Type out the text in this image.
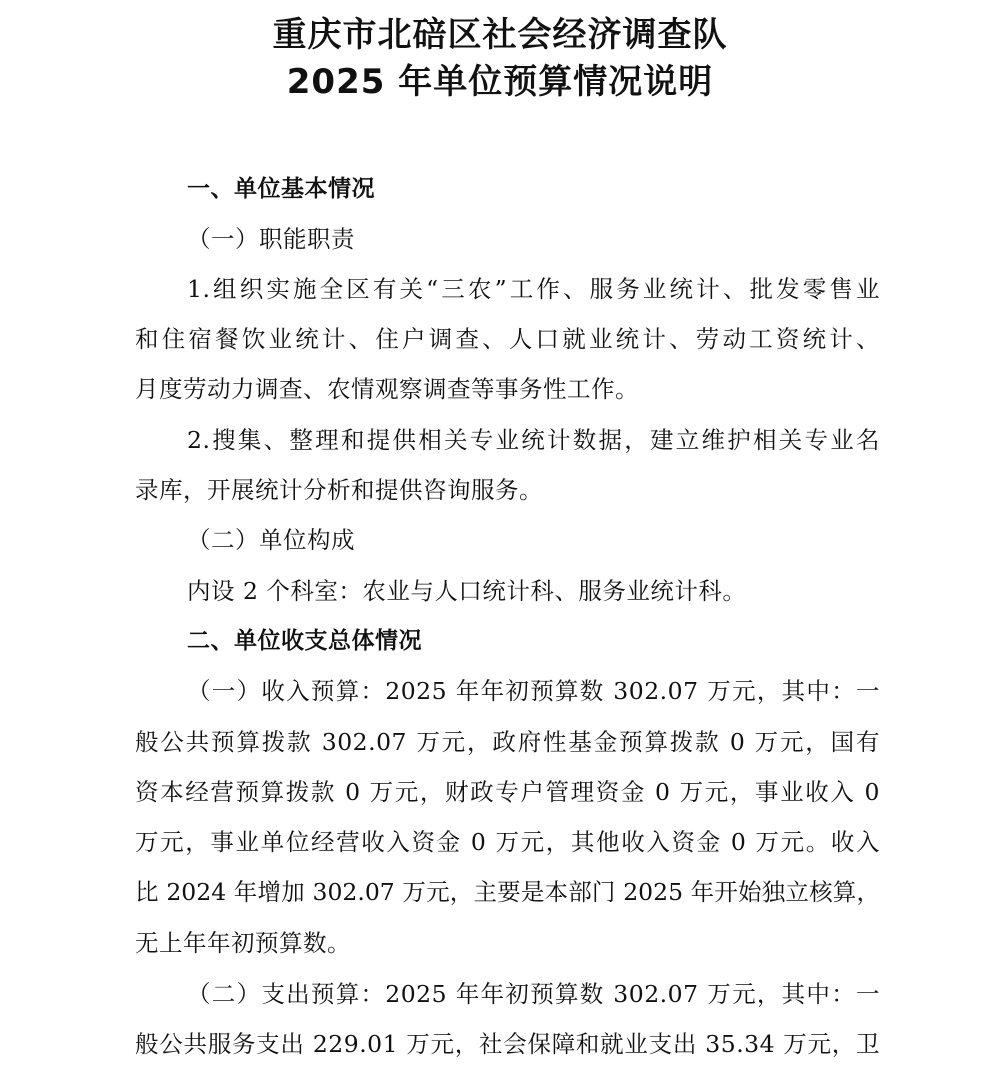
重庆市北碚区社会经济调查队
2025 年单位预算情况说明
一、单位基本情况
（一）职能职责
1.组织实施全区有关“三农”工作、服务业统计、批发零售业
和住宿餐饮业统计、住户调查、人口就业统计、劳动工资统计、
月度劳动力调查、农情观察调查等事务性工作。
2.搜集、整理和提供相关专业统计数据，建立维护相关专业名
录库，开展统计分析和提供咨询服务。
（二）单位构成
内设 2 个科室：农业与人口统计科、服务业统计科。
二、单位收支总体情况
（一）收入预算：2025 年年初预算数 302.07 万元，其中：一
般公共预算拨款 302.07 万元，政府性基金预算拨款 0 万元，国有
资本经营预算拨款 0 万元，财政专户管理资金 0 万元，事业收入 0
万元，事业单位经营收入资金 0 万元，其他收入资金 0 万元。收入
比 2024 年增加 302.07 万元，主要是本部门 2025 年开始独立核算，
无上年年初预算数。
（二）支出预算：2025 年年初预算数 302.07 万元，其中：一
般公共服务支出 229.01 万元，社会保障和就业支出 35.34 万元，卫
